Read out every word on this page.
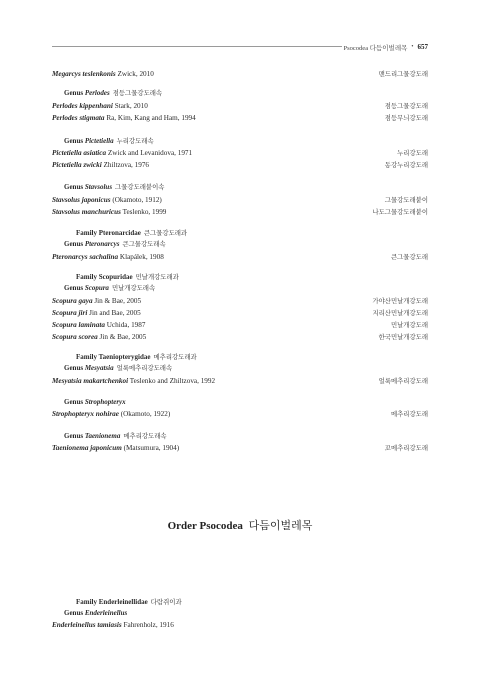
Psocodea 다듬이벌레목 • 657
Megarcys teslenkonis Zwick, 2010	맨드리그물강도래
Genus Perlodes 점등그물강도래속
Perlodes kippenhani Stark, 2010	점등그물강도래
Perlodes stigmata Ra, Kim, Kang and Ham, 1994	점등무늬강도래
Genus Pictetiella 누리강도래속
Pictetiella asiatica Zwick and Levanidova, 1971	누리강도래
Pictetiella zwicki Zhiltzova, 1976	동강누리강도래
Genus Stavsolus 그물강도래붙이속
Stavsolus japonicus (Okamoto, 1912)	그물강도래붙이
Stavsolus manchuricus Teslenko, 1999	나도그물강도래붙이
Family Pteronarcidae 큰그물강도래과
Genus Pteronarcys 큰그물강도래속
Pteronarcys sachalina Klapálek, 1908	큰그물강도래
Family Scopuridae 민날개강도래과
Genus Scopura 민날개강도래속
Scopura gaya Jin & Bae, 2005	가야산민날개강도래
Scopura jiri Jin and Bae, 2005	지리산민날개강도래
Scopura laminata Uchida, 1987	민날개강도래
Scopura scorea Jin & Bae, 2005	한국민날개강도래
Family Taeniopterygidae 메추리강도래과
Genus Mesyatsia 얼룩메추리강도래속
Mesyatsia makartchenkoi Teslenko and Zhiltzova, 1992	얼룩메추리강도래
Genus Strophopteryx
Strophopteryx nohirae (Okamoto, 1922)	메추리강도래
Genus Taenionema 메추리강도래속
Taenionema japonicum (Matsumura, 1904)	꼬메추리강도래
Family Enderleinellidae 다람쥐이과
Genus Enderleinellus
Enderleinellus tamiasis Fahrenholz, 1916
Order Psocodea 다듬이벌레목
